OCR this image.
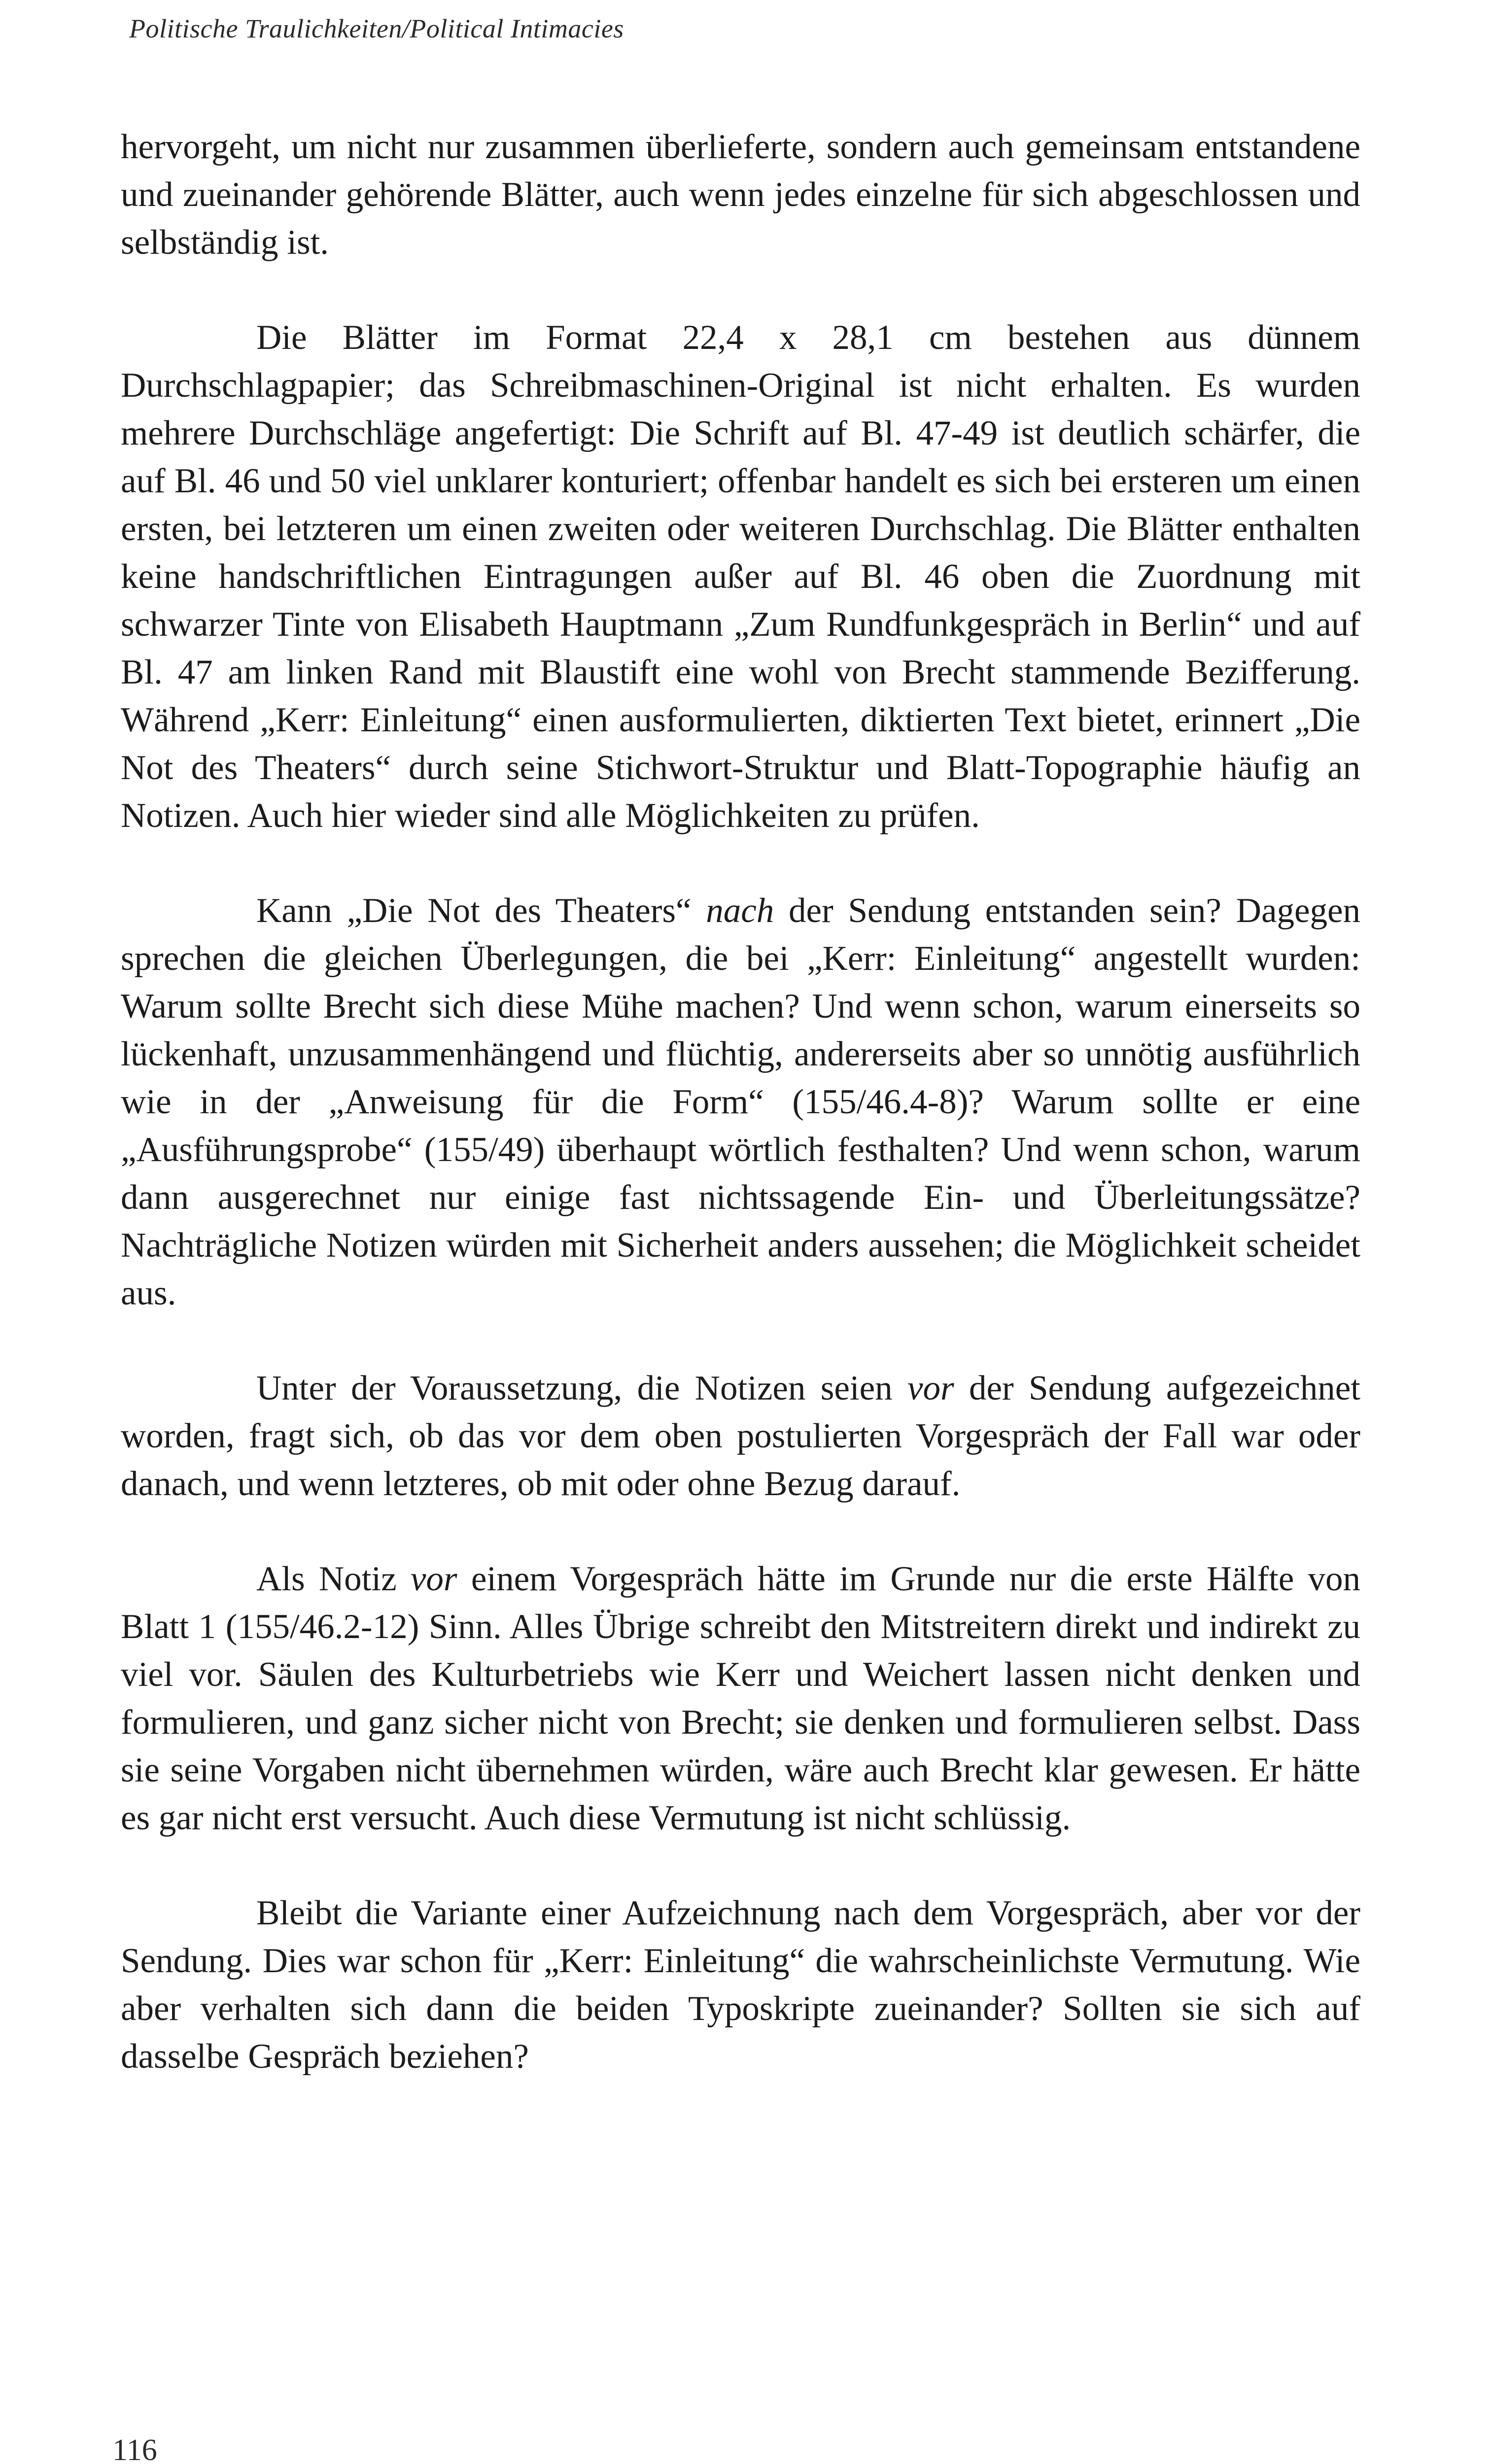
Politische Traulichkeiten/Political Intimacies

hervorgeht, um nicht nur zusammen überlieferte, sondern auch gemeinsam entstandene und zueinander gehörende Blätter, auch wenn jedes einzelne für sich abgeschlossen und selbständig ist.

Die Blätter im Format 22,4 x 28,1 cm bestehen aus dünnem Durchschlagpapier; das Schreibmaschinen-Original ist nicht erhalten. Es wurden mehrere Durchschläge angefertigt: Die Schrift auf Bl. 47-49 ist deutlich schärfer, die auf Bl. 46 und 50 viel unklarer konturiert; offenbar handelt es sich bei ersteren um einen ersten, bei letzteren um einen zweiten oder weiteren Durchschlag. Die Blätter enthalten keine handschriftlichen Eintragungen außer auf Bl. 46 oben die Zuordnung mit schwarzer Tinte von Elisabeth Hauptmann „Zum Rundfunkgespräch in Berlin“ und auf Bl. 47 am linken Rand mit Blaustift eine wohl von Brecht stammende Bezifferung. Während „Kerr: Einleitung“ einen ausformulierten, diktierten Text bietet, erinnert „Die Not des Theaters“ durch seine Stichwort-Struktur und Blatt-Topographie häufig an Notizen. Auch hier wieder sind alle Möglichkeiten zu prüfen.

Kann „Die Not des Theaters“ nach der Sendung entstanden sein? Dagegen sprechen die gleichen Überlegungen, die bei „Kerr: Einleitung“ angestellt wurden: Warum sollte Brecht sich diese Mühe machen? Und wenn schon, warum einerseits so lückenhaft, unzusammenhängend und flüchtig, andererseits aber so unnötig ausführlich wie in der „Anweisung für die Form“ (155/46.4-8)? Warum sollte er eine „Ausführungsprobe“ (155/49) überhaupt wörtlich festhalten? Und wenn schon, warum dann ausgerechnet nur einige fast nichtssagende Ein- und Überleitungssätze? Nachträgliche Notizen würden mit Sicherheit anders aussehen; die Möglichkeit scheidet aus.

Unter der Voraussetzung, die Notizen seien vor der Sendung aufgezeichnet worden, fragt sich, ob das vor dem oben postulierten Vorgespräch der Fall war oder danach, und wenn letzteres, ob mit oder ohne Bezug darauf.

Als Notiz vor einem Vorgespräch hätte im Grunde nur die erste Hälfte von Blatt 1 (155/46.2-12) Sinn. Alles Übrige schreibt den Mitstreitern direkt und indirekt zu viel vor. Säulen des Kulturbetriebs wie Kerr und Weichert lassen nicht denken und formulieren, und ganz sicher nicht von Brecht; sie denken und formulieren selbst. Dass sie seine Vorgaben nicht übernehmen würden, wäre auch Brecht klar gewesen. Er hätte es gar nicht erst versucht. Auch diese Vermutung ist nicht schlüssig.

Bleibt die Variante einer Aufzeichnung nach dem Vorgespräch, aber vor der Sendung. Dies war schon für „Kerr: Einleitung“ die wahrscheinlichste Vermutung. Wie aber verhalten sich dann die beiden Typoskripte zueinander? Sollten sie sich auf dasselbe Gespräch beziehen?

116
